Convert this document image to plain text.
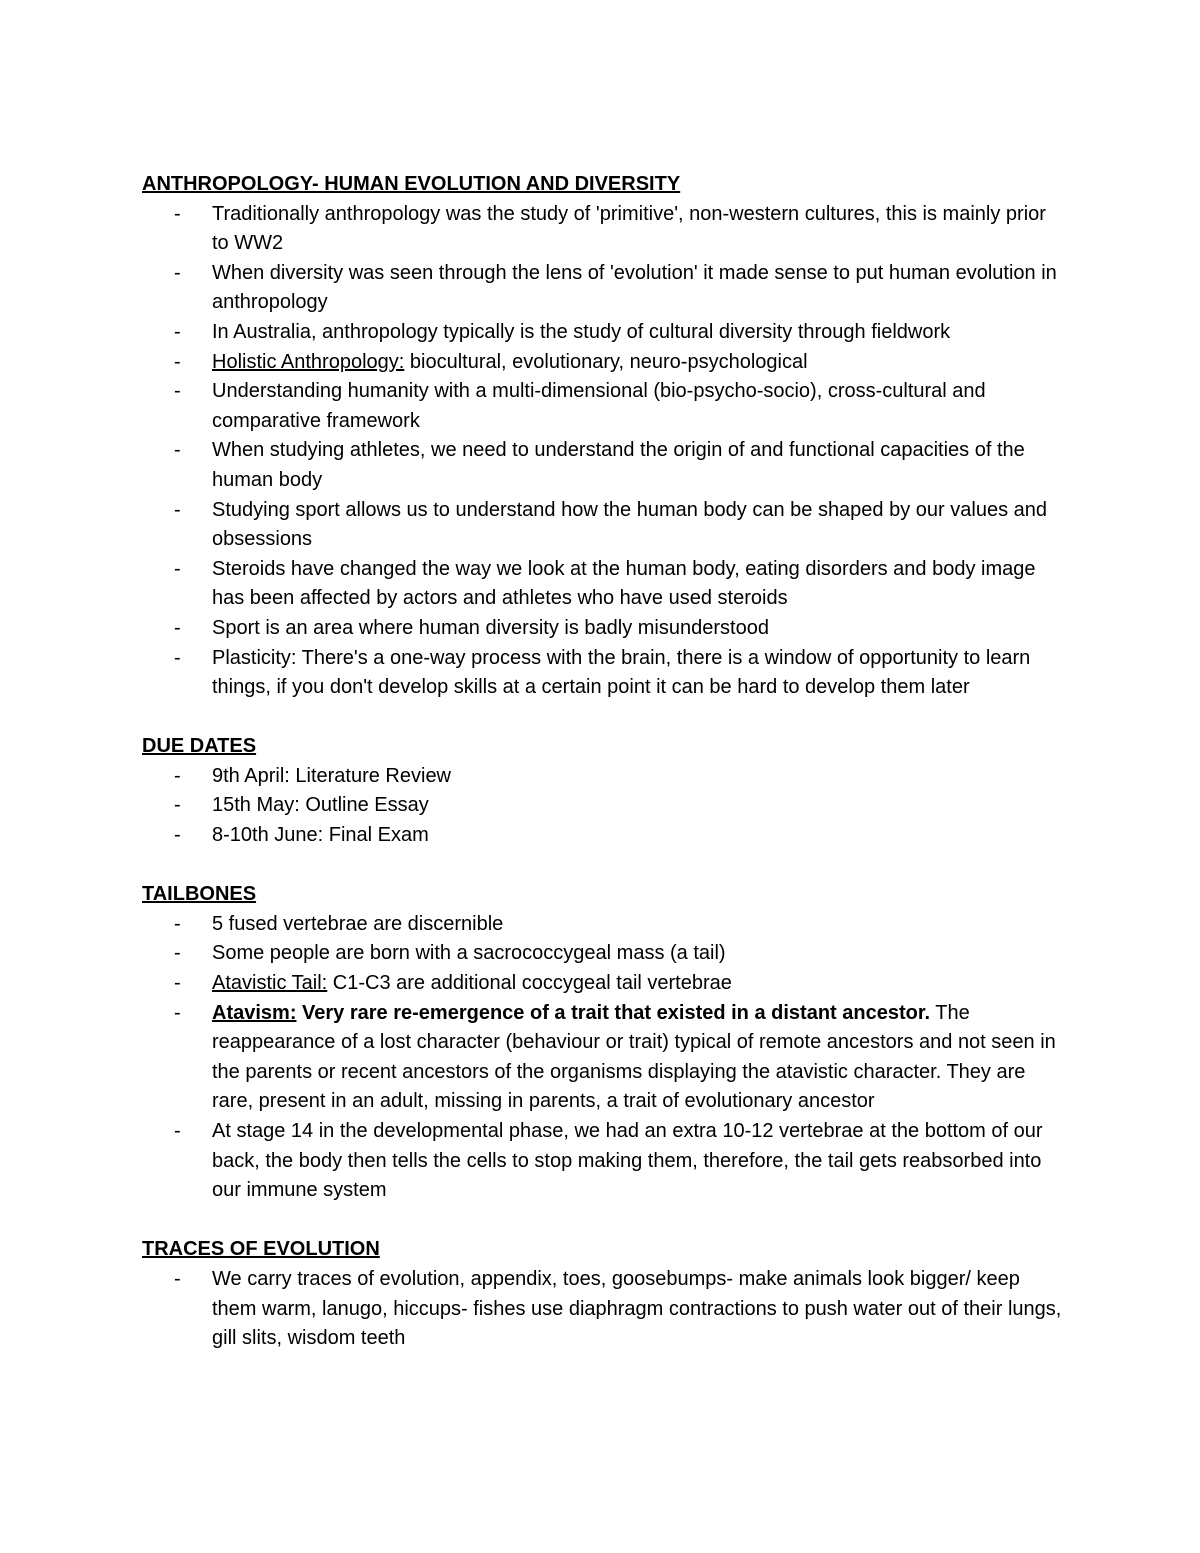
ANTHROPOLOGY- HUMAN EVOLUTION AND DIVERSITY

- Traditionally anthropology was the study of 'primitive', non-western cultures, this is mainly prior to WW2
- When diversity was seen through the lens of 'evolution' it made sense to put human evolution in anthropology
- In Australia, anthropology typically is the study of cultural diversity through fieldwork
- Holistic Anthropology: biocultural, evolutionary, neuro-psychological
- Understanding humanity with a multi-dimensional (bio-psycho-socio), cross-cultural and comparative framework
- When studying athletes, we need to understand the origin of and functional capacities of the human body
- Studying sport allows us to understand how the human body can be shaped by our values and obsessions
- Steroids have changed the way we look at the human body, eating disorders and body image has been affected by actors and athletes who have used steroids
- Sport is an area where human diversity is badly misunderstood
- Plasticity: There's a one-way process with the brain, there is a window of opportunity to learn things, if you don't develop skills at a certain point it can be hard to develop them later

DUE DATES

- 9th April: Literature Review
- 15th May: Outline Essay
- 8-10th June: Final Exam

TAILBONES

- 5 fused vertebrae are discernible
- Some people are born with a sacrococcygeal mass (a tail)
- Atavistic Tail: C1-C3 are additional coccygeal tail vertebrae
- Atavism: Very rare re-emergence of a trait that existed in a distant ancestor. The reappearance of a lost character (behaviour or trait) typical of remote ancestors and not seen in the parents or recent ancestors of the organisms displaying the atavistic character. They are rare, present in an adult, missing in parents, a trait of evolutionary ancestor
- At stage 14 in the developmental phase, we had an extra 10-12 vertebrae at the bottom of our back, the body then tells the cells to stop making them, therefore, the tail gets reabsorbed into our immune system

TRACES OF EVOLUTION

- We carry traces of evolution, appendix, toes, goosebumps- make animals look bigger/ keep them warm, lanugo, hiccups- fishes use diaphragm contractions to push water out of their lungs, gill slits, wisdom teeth
